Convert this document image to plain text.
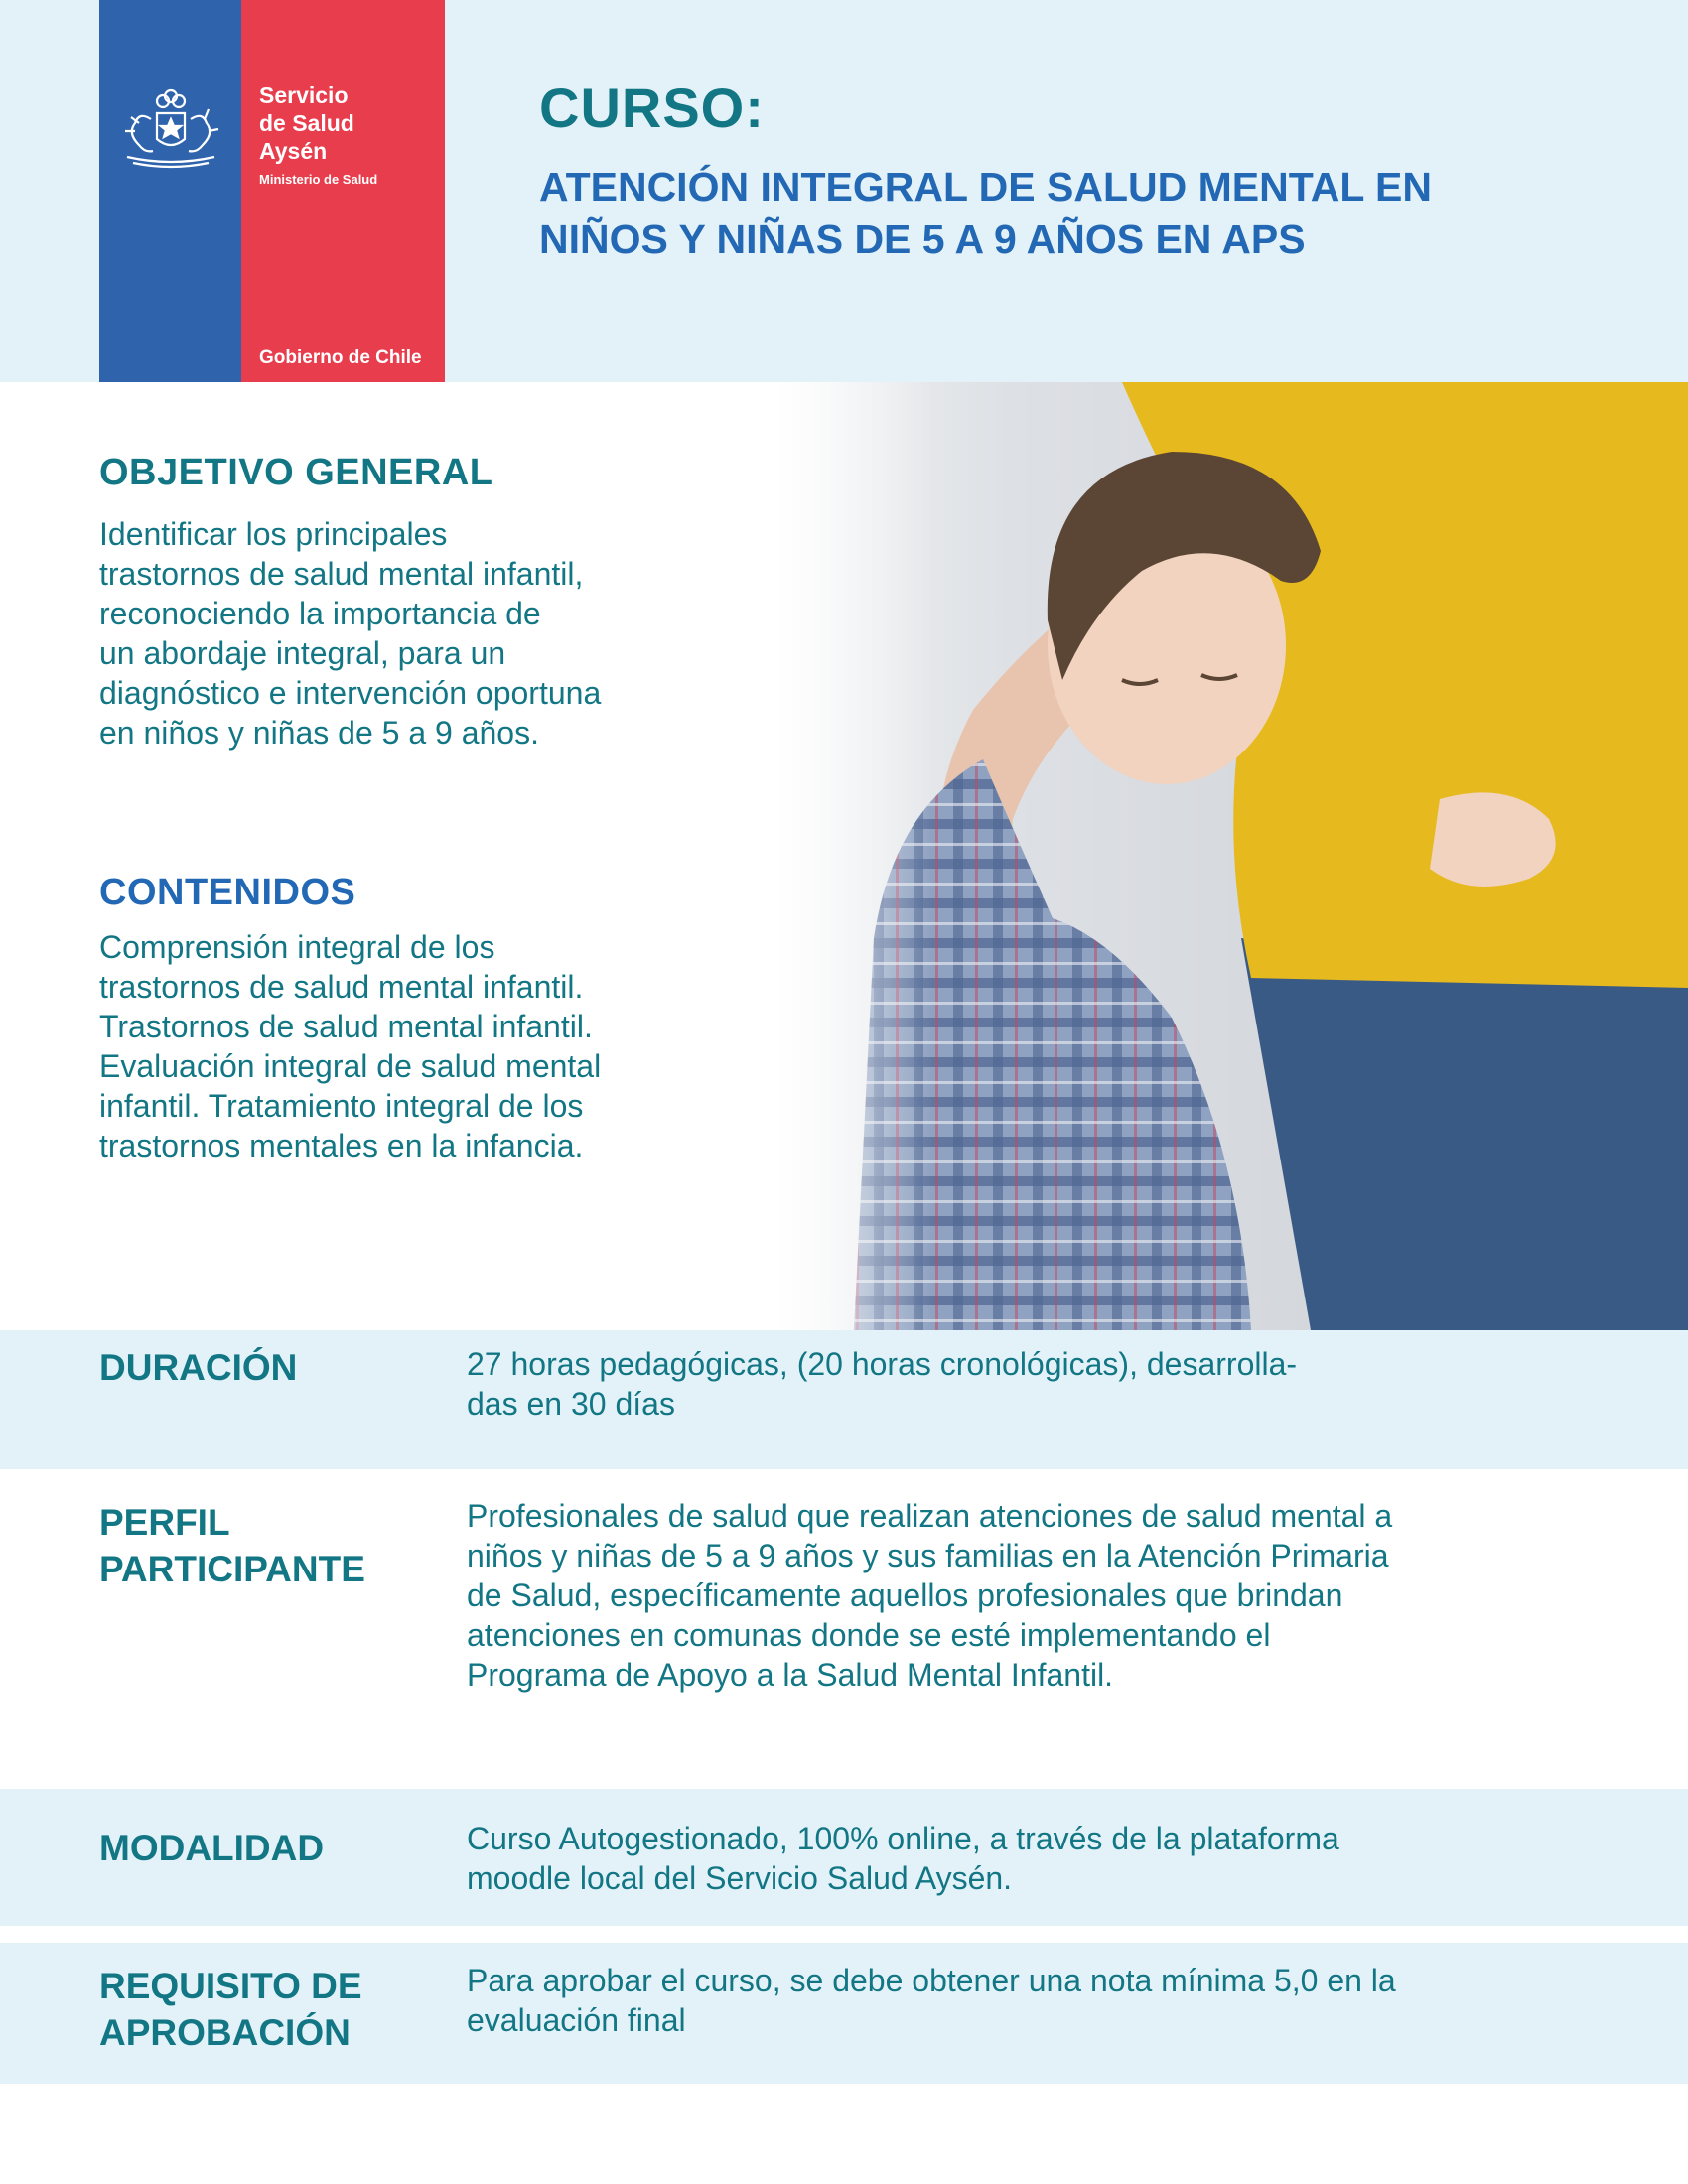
Servicio
de Salud
Aysén
Ministerio de Salud
Gobierno de Chile
CURSO:
ATENCIÓN INTEGRAL DE SALUD MENTAL EN
NIÑOS Y NIÑAS DE 5 A 9 AÑOS EN APS
OBJETIVO GENERAL
Identificar los principales
trastornos de salud mental infantil,
reconociendo la importancia de
un abordaje integral, para un
diagnóstico e intervención oportuna
en niños y niñas de 5 a 9 años.
CONTENIDOS
Comprensión integral de los
trastornos de salud mental infantil.
Trastornos de salud mental infantil.
Evaluación integral de salud mental
infantil. Tratamiento integral de los
trastornos mentales en la infancia.
DURACIÓN	27 horas pedagógicas, (20 horas cronológicas), desarrolla-
das en 30 días
PERFIL
PARTICIPANTE
Profesionales de salud que realizan atenciones de salud mental a
niños y niñas de 5 a 9 años y sus familias en la Atención Primaria
de Salud, específicamente aquellos profesionales que brindan
atenciones en comunas donde se esté implementando el
Programa de Apoyo a la Salud Mental Infantil.
MODALIDAD	Curso Autogestionado, 100% online, a través de la plataforma
moodle local del Servicio Salud Aysén.
REQUISITO DE
APROBACIÓN
Para aprobar el curso, se debe obtener una nota mínima 5,0 en la
evaluación final
